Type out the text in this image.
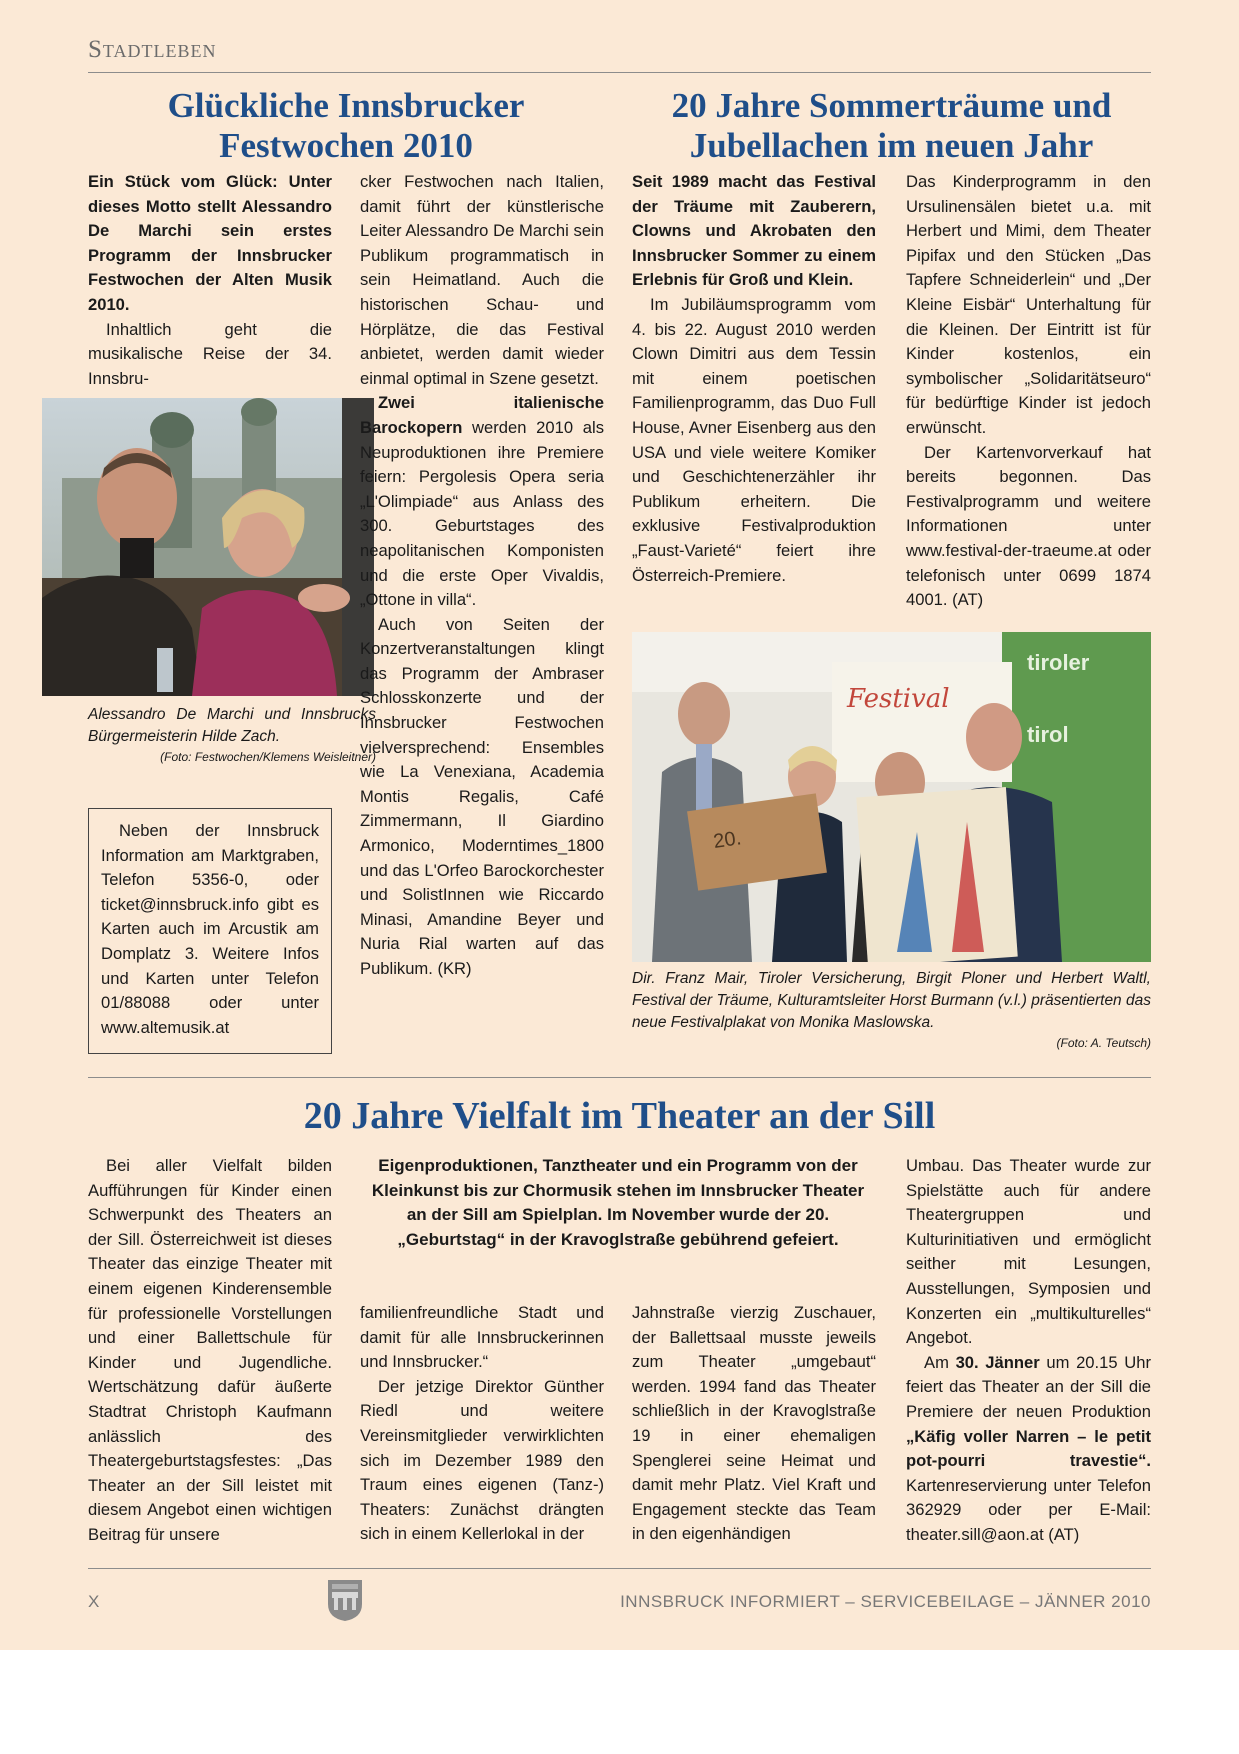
Stadtleben
Glückliche Innsbrucker Festwochen 2010

Ein Stück vom Glück: Unter dieses Motto stellt Alessandro De Marchi sein erstes Programm der Innsbrucker Festwochen der Alten Musik 2010.

Inhaltlich geht die musikalische Reise der 34. Innsbru-

Alessandro De Marchi und Innsbrucks Bürgermeisterin Hilde Zach.
(Foto: Festwochen/Klemens Weisleitner)

Neben der Innsbruck Information am Marktgraben, Telefon 5356-0, oder ticket@innsbruck.info gibt es Karten auch im Arcustik am Domplatz 3. Weitere Infos und Karten unter Telefon 01/88088 oder unter www.altemusik.at

cker Festwochen nach Italien, damit führt der künstlerische Leiter Alessandro De Marchi sein Publikum programmatisch in sein Heimatland. Auch die historischen Schau- und Hörplätze, die das Festival anbietet, werden damit wieder einmal optimal in Szene gesetzt.

Zwei italienische Barockopern werden 2010 als Neuproduktionen ihre Premiere feiern: Pergolesis Opera seria „L'Olimpiade“ aus Anlass des 300. Geburtstages des neapolitanischen Komponisten und die erste Oper Vivaldis, „Ottone in villa“.

Auch von Seiten der Konzertveranstaltungen klingt das Programm der Ambraser Schlosskonzerte und der Innsbrucker Festwochen vielversprechend: Ensembles wie La Venexiana, Academia Montis Regalis, Café Zimmermann, Il Giardino Armonico, Moderntimes_1800 und das L'Orfeo Barockorchester und SolistInnen wie Riccardo Minasi, Amandine Beyer und Nuria Rial warten auf das Publikum. (KR)

20 Jahre Sommerträume und Jubellachen im neuen Jahr

Seit 1989 macht das Festival der Träume mit Zauberern, Clowns und Akrobaten den Innsbrucker Sommer zu einem Erlebnis für Groß und Klein.

Im Jubiläumsprogramm vom 4. bis 22. August 2010 werden Clown Dimitri aus dem Tessin mit einem poetischen Familienprogramm, das Duo Full House, Avner Eisenberg aus den USA und viele weitere Komiker und Geschichtenerzähler ihr Publikum erheitern. Die exklusive Festivalproduktion „Faust-Varieté“ feiert ihre Österreich-Premiere.

Das Kinderprogramm in den Ursulinensälen bietet u.a. mit Herbert und Mimi, dem Theater Pipifax und den Stücken „Das Tapfere Schneiderlein“ und „Der Kleine Eisbär“ Unterhaltung für die Kleinen. Der Eintritt ist für Kinder kostenlos, ein symbolischer „Solidaritätseuro“ für bedürftige Kinder ist jedoch erwünscht.

Der Kartenvorverkauf hat bereits begonnen. Das Festivalprogramm und weitere Informationen unter www.festival-der-traeume.at oder telefonisch unter 0699 1874 4001. (AT)

tiroler
tirol
Festival
20.
Dir. Franz Mair, Tiroler Versicherung, Birgit Ploner und Herbert Waltl, Festival der Träume, Kulturamtsleiter Horst Burmann (v.l.) präsentierten das neue Festivalplakat von Monika Maslowska.
(Foto: A. Teutsch)
20 Jahre Vielfalt im Theater an der Sill
Eigenproduktionen, Tanztheater und ein Programm von der Kleinkunst bis zur Chormusik stehen im Innsbrucker Theater an der Sill am Spielplan. Im November wurde der 20. „Geburtstag“ in der Kravoglstraße gebührend gefeiert.

Bei aller Vielfalt bilden Aufführungen für Kinder einen Schwerpunkt des Theaters an der Sill. Österreichweit ist dieses Theater das einzige Theater mit einem eigenen Kinderensemble für professionelle Vorstellungen und einer Ballettschule für Kinder und Jugendliche. Wertschätzung dafür äußerte Stadtrat Christoph Kaufmann anlässlich des Theatergeburtstagsfestes: „Das Theater an der Sill leistet mit diesem Angebot einen wichtigen Beitrag für unsere

familienfreundliche Stadt und damit für alle Innsbruckerinnen und Innsbrucker.“

Der jetzige Direktor Günther Riedl und weitere Vereinsmitglieder verwirklichten sich im Dezember 1989 den Traum eines eigenen (Tanz-) Theaters: Zunächst drängten sich in einem Kellerlokal in der

Jahnstraße vierzig Zuschauer, der Ballettsaal musste jeweils zum Theater „umgebaut“ werden. 1994 fand das Theater schließlich in der Kravoglstraße 19 in einer ehemaligen Spenglerei seine Heimat und damit mehr Platz. Viel Kraft und Engagement steckte das Team in den eigenhändigen

Umbau. Das Theater wurde zur Spielstätte auch für andere Theatergruppen und Kulturinitiativen und ermöglicht seither mit Lesungen, Ausstellungen, Symposien und Konzerten ein „multikulturelles“ Angebot.

Am 30. Jänner um 20.15 Uhr feiert das Theater an der Sill die Premiere der neuen Produktion „Käfig voller Narren – le petit pot-pourri travestie“. Kartenreservierung unter Telefon 362929 oder per E-Mail: theater.sill@aon.at (AT)

X	INNSBRUCK INFORMIERT – SERVICEBEILAGE – JÄNNER 2010
